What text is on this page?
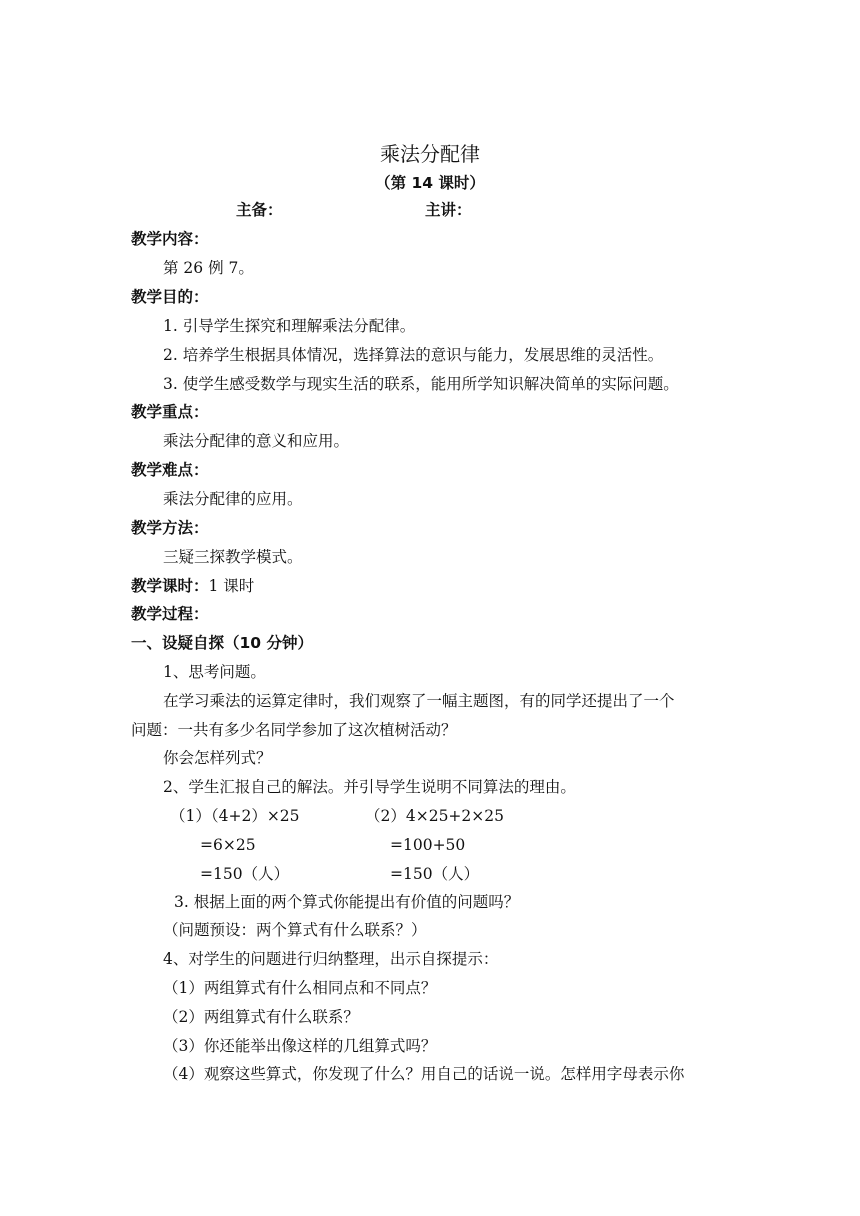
乘法分配律
（第 14 课时）
主备：	主讲：
教学内容：
第 26 例 7。
教学目的：
1. 引导学生探究和理解乘法分配律。
2. 培养学生根据具体情况，选择算法的意识与能力，发展思维的灵活性。
3. 使学生感受数学与现实生活的联系，能用所学知识解决简单的实际问题。
教学重点：
乘法分配律的意义和应用。
教学难点：
乘法分配律的应用。
教学方法：
三疑三探教学模式。
教学课时：1 课时
教学过程：
一、设疑自探（10 分钟）
1、思考问题。
在学习乘法的运算定律时，我们观察了一幅主题图，有的同学还提出了一个
问题：一共有多少名同学参加了这次植树活动？
你会怎样列式？
2、学生汇报自己的解法。并引导学生说明不同算法的理由。
（1）（4+2）×25	（2）4×25+2×25
=6×25	=100+50
=150（人）	=150（人）
3. 根据上面的两个算式你能提出有价值的问题吗？
（问题预设：两个算式有什么联系？）
4、对学生的问题进行归纳整理，出示自探提示：
（1）两组算式有什么相同点和不同点？
（2）两组算式有什么联系？
（3）你还能举出像这样的几组算式吗？
（4）观察这些算式，你发现了什么？用自己的话说一说。怎样用字母表示你
